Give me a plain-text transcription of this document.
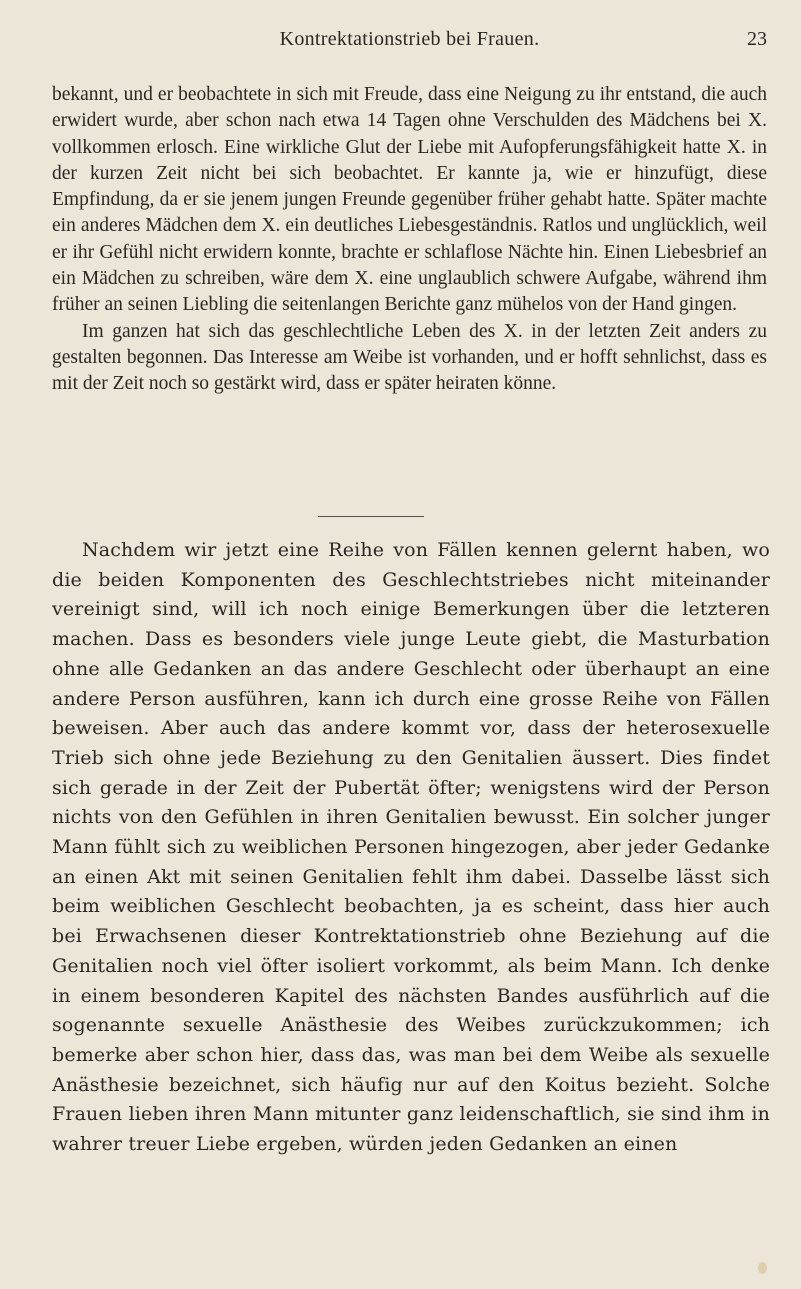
Kontrektationstrieb bei Frauen.	23

bekannt, und er beobachtete in sich mit Freude, dass eine Neigung zu ihr entstand, die auch erwidert wurde, aber schon nach etwa 14 Tagen ohne Verschulden des Mädchens bei X. vollkommen erlosch. Eine wirkliche Glut der Liebe mit Aufopferungsfähigkeit hatte X. in der kurzen Zeit nicht bei sich beobachtet. Er kannte ja, wie er hinzufügt, diese Empfindung, da er sie jenem jungen Freunde gegenüber früher gehabt hatte. Später machte ein anderes Mädchen dem X. ein deutliches Liebesgeständnis. Ratlos und unglücklich, weil er ihr Gefühl nicht erwidern konnte, brachte er schlaflose Nächte hin. Einen Liebesbrief an ein Mädchen zu schreiben, wäre dem X. eine unglaublich schwere Aufgabe, während ihm früher an seinen Liebling die seitenlangen Berichte ganz mühelos von der Hand gingen.

Im ganzen hat sich das geschlechtliche Leben des X. in der letzten Zeit anders zu gestalten begonnen. Das Interesse am Weibe ist vorhanden, und er hofft sehnlichst, dass es mit der Zeit noch so gestärkt wird, dass er später heiraten könne.

Nachdem wir jetzt eine Reihe von Fällen kennen gelernt haben, wo die beiden Komponenten des Geschlechtstriebes nicht miteinander vereinigt sind, will ich noch einige Bemerkungen über die letzteren machen. Dass es besonders viele junge Leute giebt, die Masturbation ohne alle Gedanken an das andere Geschlecht oder überhaupt an eine andere Person ausführen, kann ich durch eine grosse Reihe von Fällen beweisen. Aber auch das andere kommt vor, dass der heterosexuelle Trieb sich ohne jede Beziehung zu den Genitalien äussert. Dies findet sich gerade in der Zeit der Pubertät öfter; wenigstens wird der Person nichts von den Gefühlen in ihren Genitalien bewusst. Ein solcher junger Mann fühlt sich zu weiblichen Personen hingezogen, aber jeder Gedanke an einen Akt mit seinen Genitalien fehlt ihm dabei. Dasselbe lässt sich beim weiblichen Geschlecht beobachten, ja es scheint, dass hier auch bei Erwachsenen dieser Kontrektationstrieb ohne Beziehung auf die Genitalien noch viel öfter isoliert vorkommt, als beim Mann. Ich denke in einem besonderen Kapitel des nächsten Bandes ausführlich auf die sogenannte sexuelle Anästhesie des Weibes zurückzukommen; ich bemerke aber schon hier, dass das, was man bei dem Weibe als sexuelle Anästhesie bezeichnet, sich häufig nur auf den Koitus bezieht. Solche Frauen lieben ihren Mann mitunter ganz leidenschaftlich, sie sind ihm in wahrer treuer Liebe ergeben, würden jeden Gedanken an einen
